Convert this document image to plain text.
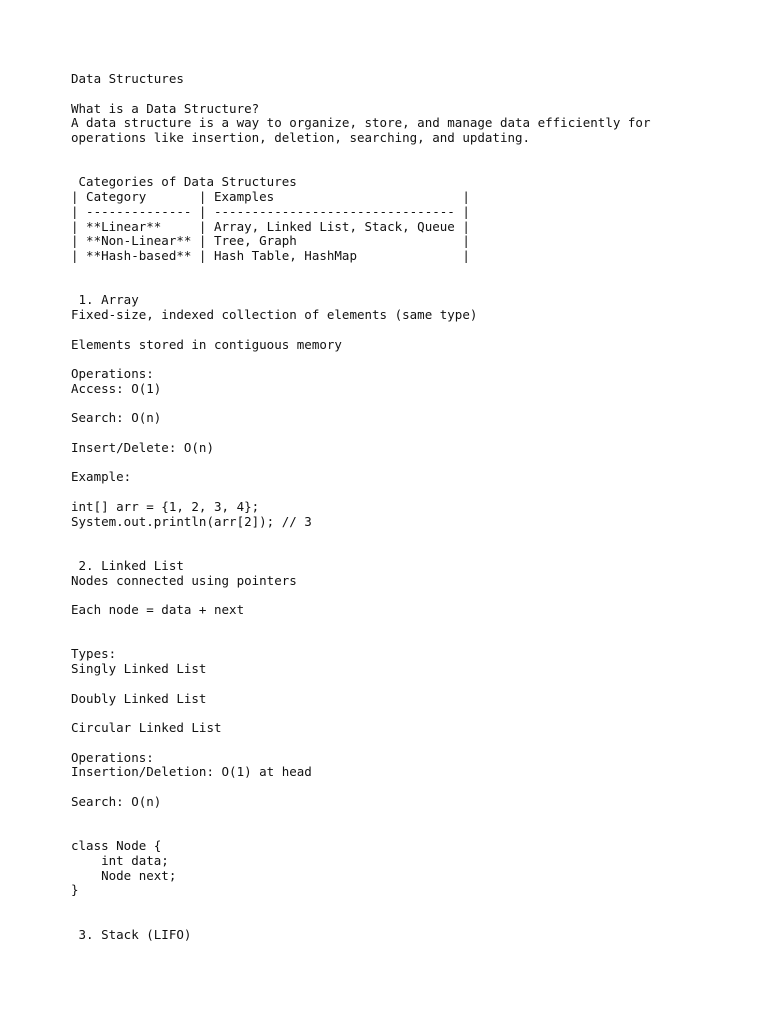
Data Structures
What is a Data Structure?
A data structure is a way to organize, store, and manage data efficiently for
operations like insertion, deletion, searching, and updating.
Categories of Data Structures
| Category       | Examples                         |
| -------------- | -------------------------------- |
| **Linear**     | Array, Linked List, Stack, Queue |
| **Non-Linear** | Tree, Graph                      |
| **Hash-based** | Hash Table, HashMap              |
1. Array
Fixed-size, indexed collection of elements (same type)
Elements stored in contiguous memory
Operations:
Access: O(1)
Search: O(n)
Insert/Delete: O(n)
Example:
int[] arr = {1, 2, 3, 4};
System.out.println(arr[2]); // 3
2. Linked List
Nodes connected using pointers
Each node = data + next
Types:
Singly Linked List
Doubly Linked List
Circular Linked List
Operations:
Insertion/Deletion: O(1) at head
Search: O(n)
class Node {
int data;
Node next;
}
3. Stack (LIFO)
